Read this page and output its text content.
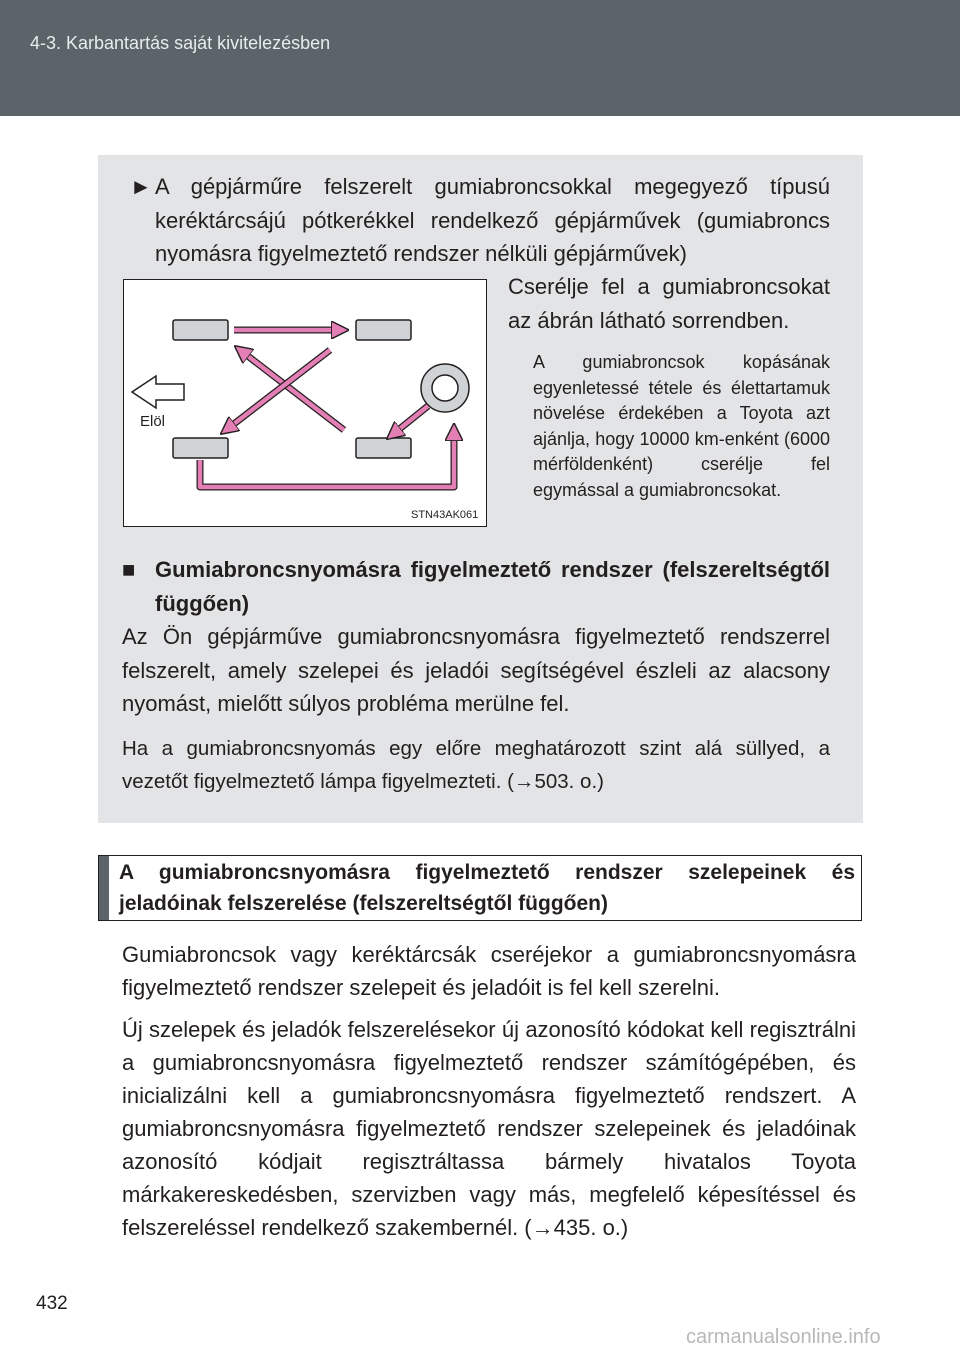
4-3. Karbantartás saját kivitelezésben
► A gépjárműre felszerelt gumiabroncsokkal megegyező típusú keréktárcsájú pótkerékkel rendelkező gépjárművek (gumiabroncs nyomásra figyelmeztető rendszer nélküli gépjárművek)
Elöl
STN43AK061
Cserélje fel a gumiabroncsokat az ábrán látható sorrendben.
A gumiabroncsok kopásának egyenletessé tétele és élettartamuk növelése érdekében a Toyota azt ajánlja, hogy 10000 km-enként (6000 mérföldenként) cserélje fel egymással a gumiabroncsokat.
■ Gumiabroncsnyomásra figyelmeztető rendszer (felszereltségtől függően)
Az Ön gépjárműve gumiabroncsnyomásra figyelmeztető rendszerrel felszerelt, amely szelepei és jeladói segítségével észleli az alacsony nyomást, mielőtt súlyos probléma merülne fel.
Ha a gumiabroncsnyomás egy előre meghatározott szint alá süllyed, a vezetőt figyelmeztető lámpa figyelmezteti. (→503. o.)
A gumiabroncsnyomásra figyelmeztető rendszer szelepeinek és jeladóinak felszerelése (felszereltségtől függően)
Gumiabroncsok vagy keréktárcsák cseréjekor a gumiabroncsnyomásra figyelmeztető rendszer szelepeit és jeladóit is fel kell szerelni.
Új szelepek és jeladók felszerelésekor új azonosító kódokat kell regisztrálni a gumiabroncsnyomásra figyelmeztető rendszer számítógépében, és inicializálni kell a gumiabroncsnyomásra figyelmeztető rendszert. A gumiabroncsnyomásra figyelmeztető rendszer szelepeinek és jeladóinak azonosító kódjait regisztráltassa bármely hivatalos Toyota márkakereskedésben, szervizben vagy más, megfelelő képesítéssel és felszereléssel rendelkező szakembernél. (→435. o.)
432
carmanualsonline.info
